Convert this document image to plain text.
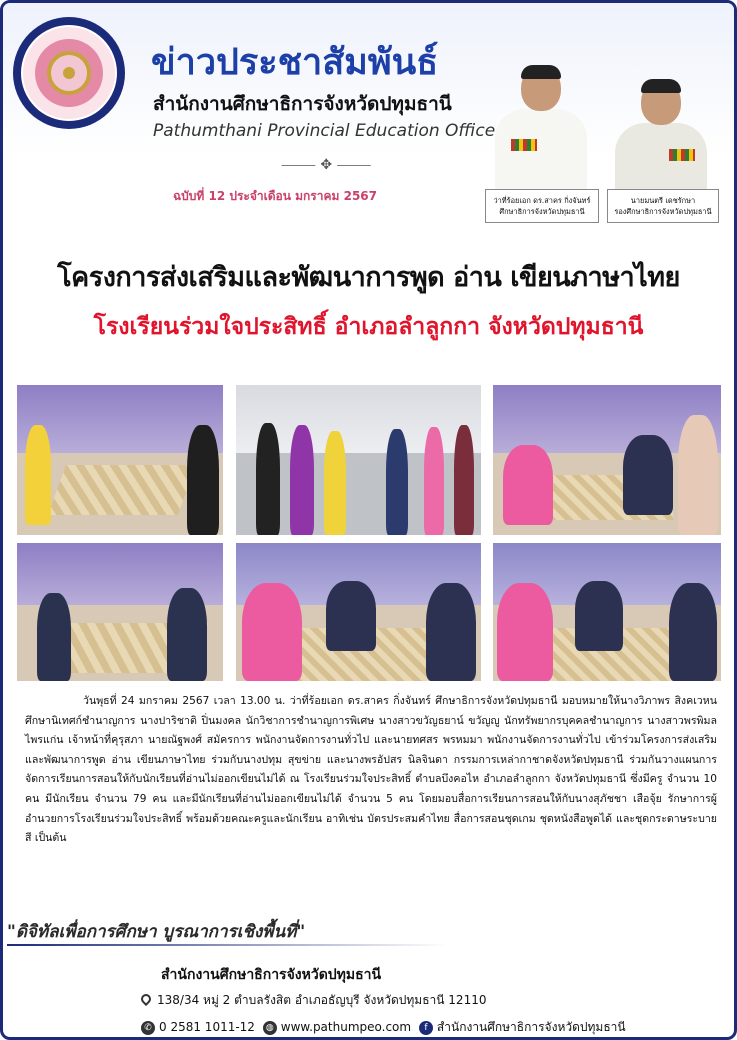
ข่าวประชาสัมพันธ์
สำนักงานศึกษาธิการจังหวัดปทุมธานี
Pathumthani Provincial Education Office
⸻ ✥ ⸻
ฉบับที่ 12 ประจำเดือน มกราคม 2567	ว่าที่ร้อยเอก ดร.สาคร กิ่งจันทร์
ศึกษาธิการจังหวัดปทุมธานี
นายมนตรี เดชรักษา
รองศึกษาธิการจังหวัดปทุมธานี
โครงการส่งเสริมและพัฒนาการพูด อ่าน เขียนภาษาไทย
โรงเรียนร่วมใจประสิทธิ์ อำเภอลำลูกกา จังหวัดปทุมธานี
วันพุธที่ 24 มกราคม 2567 เวลา 13.00 น. ว่าที่ร้อยเอก ดร.สาคร กิ่งจันทร์ ศึกษาธิการจังหวัดปทุมธานี มอบหมายให้นางวิภาพร สิงคเวหน ศึกษานิเทศก์ชำนาญการ นางปาริชาติ ปิ่นมงคล นักวิชาการชำนาญการพิเศษ นางสาวขวัญธยาน์ ขวัญญู นักทรัพยากรบุคคลชำนาญการ นางสาวพรพิมล ไพรแก่น เจ้าหน้าที่คุรุสภา นายณัฐพงศ์ สมัครการ พนักงานจัดการงานทั่วไป และนายทศสร พรหมมา พนักงานจัดการงานทั่วไป เข้าร่วมโครงการส่งเสริมและพัฒนาการพูด อ่าน เขียนภาษาไทย ร่วมกับนางปทุม สุขข่าย และนางพรอัปสร นิลจินดา กรรมการเหล่ากาชาดจังหวัดปทุมธานี ร่วมกันวางแผนการจัดการเรียนการสอนให้กับนักเรียนที่อ่านไม่ออกเขียนไม่ได้ ณ โรงเรียนร่วมใจประสิทธิ์ ตำบลบึงคอไห อำเภอลำลูกกา จังหวัดปทุมธานี ซึ่งมีครู จำนวน 10 คน มีนักเรียน จำนวน 79 คน และมีนักเรียนที่อ่านไม่ออกเขียนไม่ได้ จำนวน 5 คน โดยมอบสื่อการเรียนการสอนให้กับนางสุภัชชา เสือจุ้ย รักษาการผู้อำนวยการโรงเรียนร่วมใจประสิทธิ์ พร้อมด้วยคณะครูและนักเรียน อาทิเช่น บัตรประสมคำไทย สื่อการสอนชุดเกม ชุดหนังสือพูดได้ และชุดกระดาษระบายสี เป็นต้น
"ดิจิทัลเพื่อการศึกษา บูรณาการเชิงพื้นที่"
สำนักงานศึกษาธิการจังหวัดปทุมธานี
138/34 หมู่ 2 ตำบลรังสิต อำเภอธัญบุรี จังหวัดปทุมธานี 12110
✆ 0 2581 1011-12 ◍ www.pathumpeo.com f สำนักงานศึกษาธิการจังหวัดปทุมธานี
